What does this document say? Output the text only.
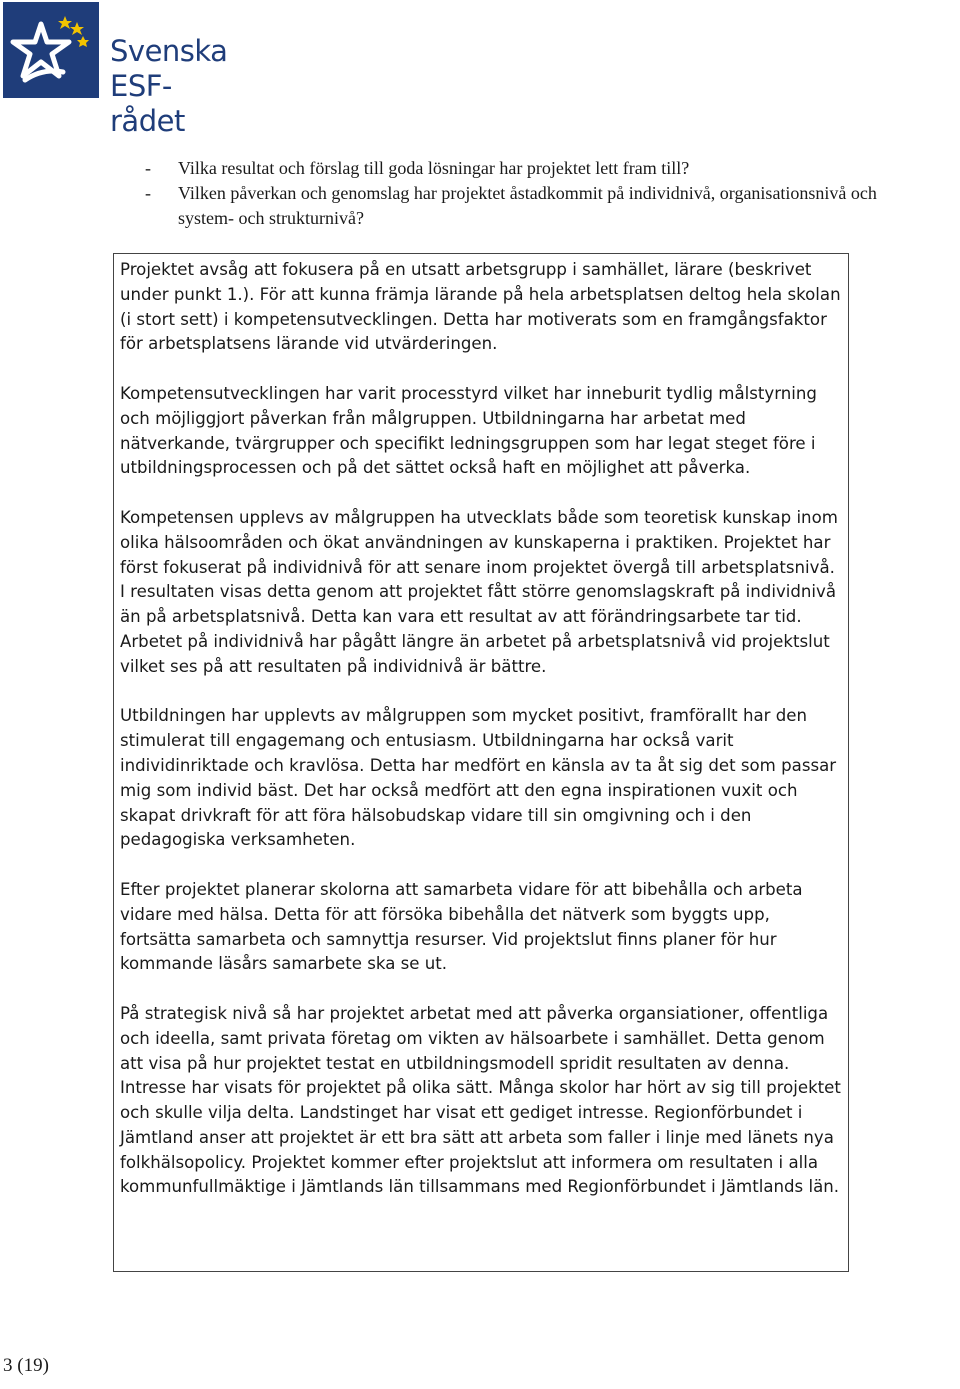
Svenska
ESF-rådet
- Vilka resultat och förslag till goda lösningar har projektet lett fram till?
- Vilken påverkan och genomslag har projektet åstadkommit på individnivå, organisationsnivå och system- och strukturnivå?

Projektet avsåg att fokusera på en utsatt arbetsgrupp i samhället, lärare (beskrivet under punkt 1.). För att kunna främja lärande på hela arbetsplatsen deltog hela skolan (i stort sett) i kompetensutvecklingen. Detta har motiverats som en framgångsfaktor för arbetsplatsens lärande vid utvärderingen.

Kompetensutvecklingen har varit processtyrd vilket har inneburit tydlig målstyrning och möjliggjort påverkan från målgruppen. Utbildningarna har arbetat med nätverkande, tvärgrupper och specifikt ledningsgruppen som har legat steget före i utbildningsprocessen och på det sättet också haft en möjlighet att påverka.

Kompetensen upplevs av målgruppen ha utvecklats både som teoretisk kunskap inom olika hälsoområden och ökat användningen av kunskaperna i praktiken. Projektet har först fokuserat på individnivå för att senare inom projektet övergå till arbetsplatsnivå. I resultaten visas detta genom att projektet fått större genomslagskraft på individnivå än på arbetsplatsnivå. Detta kan vara ett resultat av att förändringsarbete tar tid. Arbetet på individnivå har pågått längre än arbetet på arbetsplatsnivå vid projektslut vilket ses på att resultaten på individnivå är bättre.

Utbildningen har upplevts av målgruppen som mycket positivt, framförallt har den stimulerat till engagemang och entusiasm. Utbildningarna har också varit individinriktade och kravlösa. Detta har medfört en känsla av ta åt sig det som passar mig som individ bäst. Det har också medfört att den egna inspirationen vuxit och skapat drivkraft för att föra hälsobudskap vidare till sin omgivning och i den pedagogiska verksamheten.

Efter projektet planerar skolorna att samarbeta vidare för att bibehålla och arbeta vidare med hälsa. Detta för att försöka bibehålla det nätverk som byggts upp, fortsätta samarbeta och samnyttja resurser. Vid projektslut finns planer för hur kommande läsårs samarbete ska se ut.

På strategisk nivå så har projektet arbetat med att påverka organsiationer, offentliga och ideella, samt privata företag om vikten av hälsoarbete i samhället. Detta genom att visa på hur projektet testat en utbildningsmodell spridit resultaten av denna. Intresse har visats för projektet på olika sätt. Många skolor har hört av sig till projektet och skulle vilja delta. Landstinget har visat ett gediget intresse. Regionförbundet i Jämtland anser att projektet är ett bra sätt att arbeta som faller i linje med länets nya folkhälsopolicy. Projektet kommer efter projektslut att informera om resultaten i alla kommunfullmäktige i Jämtlands län tillsammans med Regionförbundet i Jämtlands län.

3 (19)
